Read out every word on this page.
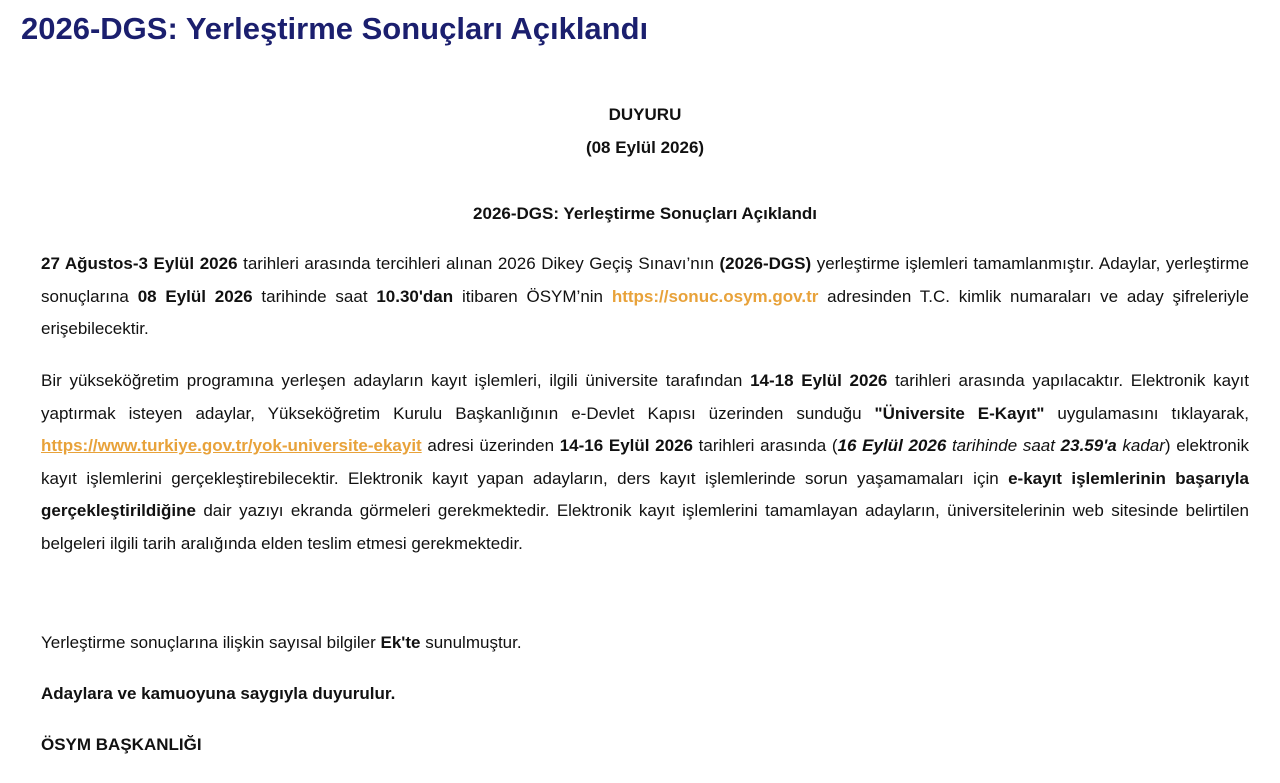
2026-DGS: Yerleştirme Sonuçları Açıklandı
DUYURU
(08 Eylül 2026)
2026-DGS: Yerleştirme Sonuçları Açıklandı

27 Ağustos-3 Eylül 2026 tarihleri arasında tercihleri alınan 2026 Dikey Geçiş Sınavı’nın (2026-DGS) yerleştirme işlemleri tamamlanmıştır. Adaylar, yerleştirme sonuçlarına 08 Eylül 2026 tarihinde saat 10.30'dan itibaren ÖSYM’nin https://sonuc.osym.gov.tr adresinden T.C. kimlik numaraları ve aday şifreleriyle erişebilecektir.

Bir yükseköğretim programına yerleşen adayların kayıt işlemleri, ilgili üniversite tarafından 14-18 Eylül 2026 tarihleri arasında yapılacaktır. Elektronik kayıt yaptırmak isteyen adaylar, Yükseköğretim Kurulu Başkanlığının e-Devlet Kapısı üzerinden sunduğu "Üniversite E-Kayıt" uygulamasını tıklayarak, https://www.turkiye.gov.tr/yok-universite-ekayit adresi üzerinden 14-16 Eylül 2026 tarihleri arasında (16 Eylül 2026 tarihinde saat 23.59'a kadar) elektronik kayıt işlemlerini gerçekleştirebilecektir. Elektronik kayıt yapan adayların, ders kayıt işlemlerinde sorun yaşamamaları için e-kayıt işlemlerinin başarıyla gerçekleştirildiğine dair yazıyı ekranda görmeleri gerekmektedir. Elektronik kayıt işlemlerini tamamlayan adayların, üniversitelerinin web sitesinde belirtilen belgeleri ilgili tarih aralığında elden teslim etmesi gerekmektedir.

Yerleştirme sonuçlarına ilişkin sayısal bilgiler Ek'te sunulmuştur.

Adaylara ve kamuoyuna saygıyla duyurulur.

ÖSYM BAŞKANLIĞI
